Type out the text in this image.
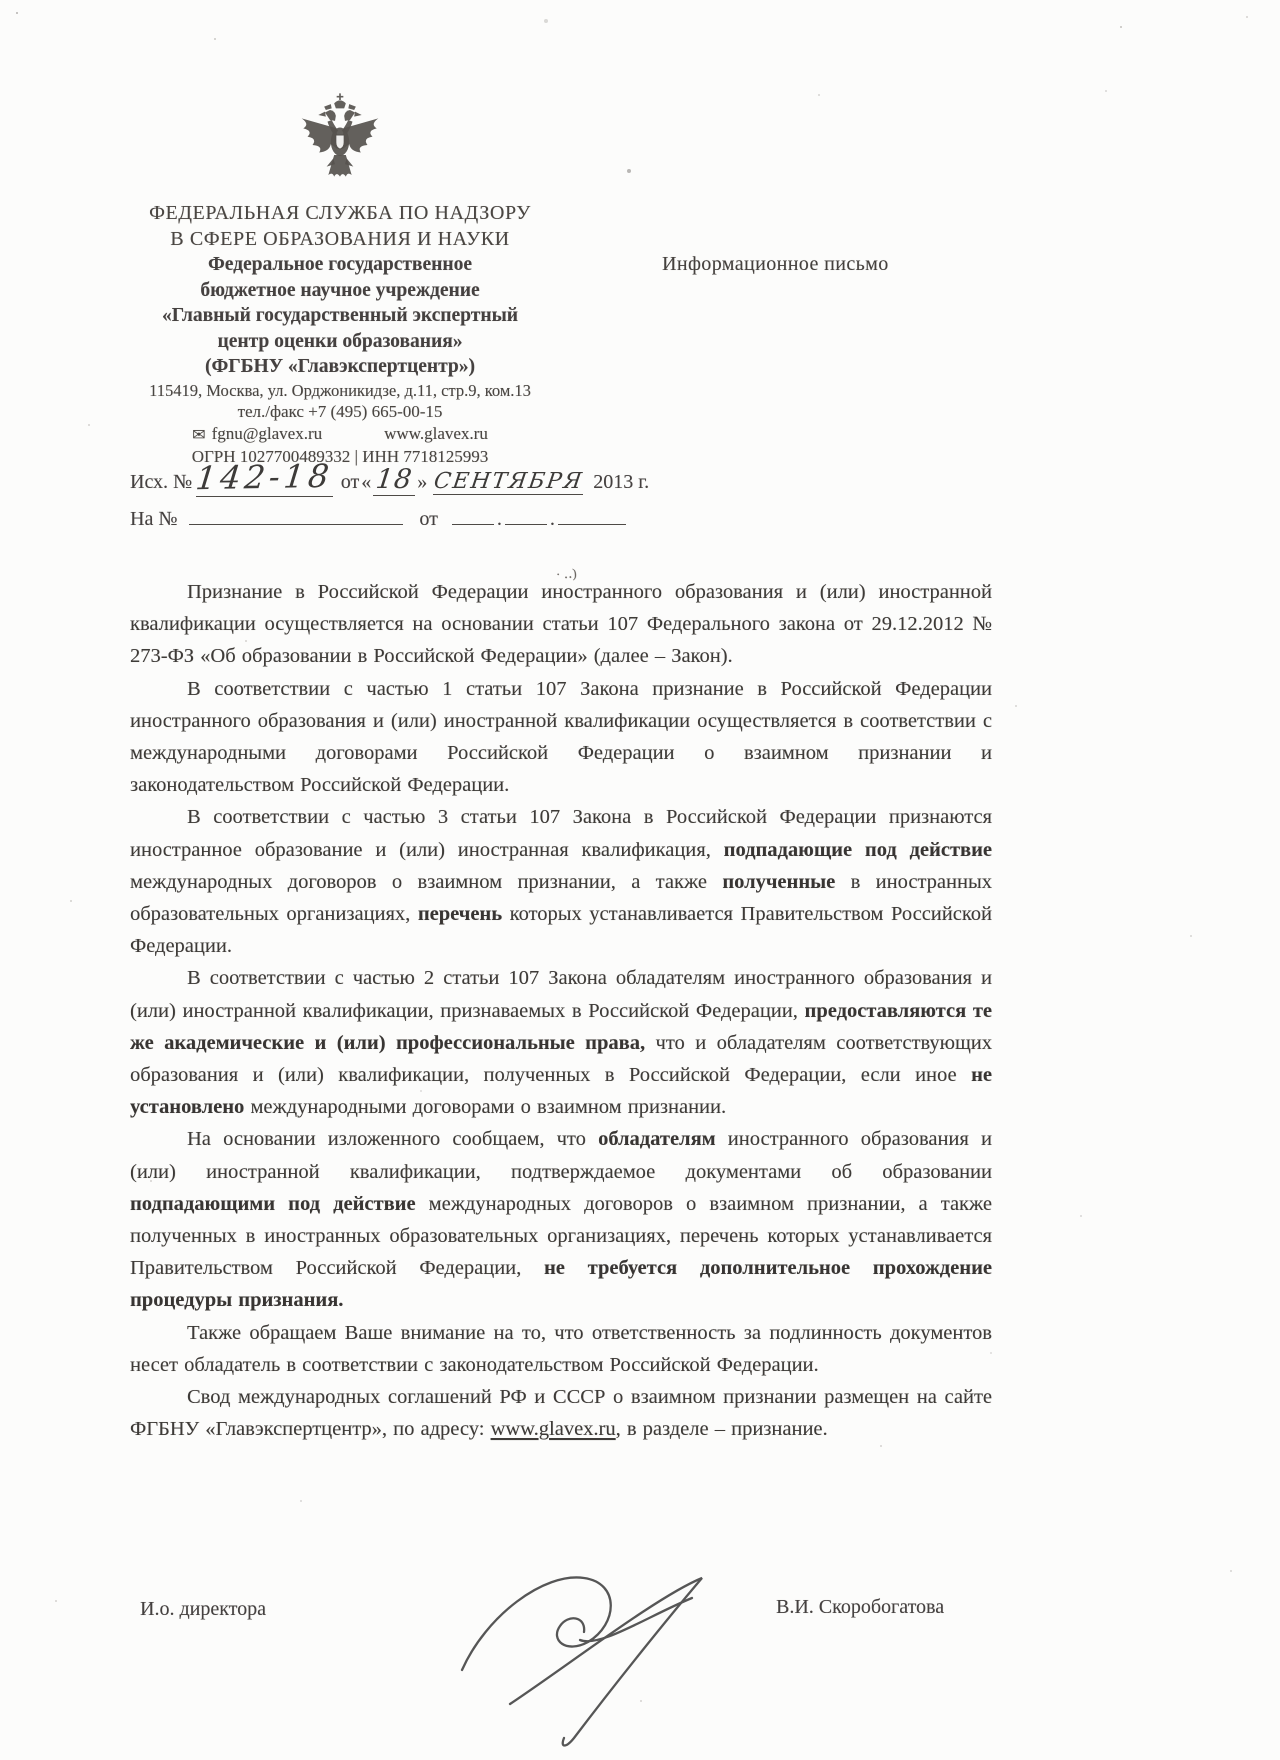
ФЕДЕРАЛЬНАЯ СЛУЖБА ПО НАДЗОРУ
В СФЕРЕ ОБРАЗОВАНИЯ И НАУКИ
Федеральное государственное
бюджетное научное учреждение
«Главный государственный экспертный
центр оценки образования»
(ФГБНУ «Главэкспертцентр»)
115419, Москва, ул. Орджоникидзе, д.11, стр.9, ком.13
тел./факс +7 (495) 665-00-15
✉ fgnu@glavex.ru	www.glavex.ru
ОГРН 1027700489332 | ИНН 7718125993
Информационное письмо
Исх. № 142-18 от « 18 » СЕНТЯБРЯ 2013 г.
На №	от	. .
· ‥)

Признание в Российской Федерации иностранного образования и (или) иностранной квалификации осуществляется на основании статьи 107 Федерального закона от 29.12.2012 № 273-ФЗ «Об образовании в Российской Федерации» (далее – Закон).

В соответствии с частью 1 статьи 107 Закона признание в Российской Федерации иностранного образования и (или) иностранной квалификации осуществляется в соответствии с международными договорами Российской Федерации о взаимном признании и законодательством Российской Федерации.

В соответствии с частью 3 статьи 107 Закона в Российской Федерации признаются иностранное образование и (или) иностранная квалификация, подпадающие под действие международных договоров о взаимном признании, а также полученные в иностранных образовательных организациях, перечень которых устанавливается Правительством Российской Федерации.

В соответствии с частью 2 статьи 107 Закона обладателям иностранного образования и (или) иностранной квалификации, признаваемых в Российской Федерации, предоставляются те же академические и (или) профессиональные права, что и обладателям соответствующих образования и (или) квалификации, полученных в Российской Федерации, если иное не установлено международными договорами о взаимном признании.

На основании изложенного сообщаем, что обладателям иностранного образования и (или) иностранной квалификации, подтверждаемое документами об образовании подпадающими под действие международных договоров о взаимном признании, а также полученных в иностранных образовательных организациях, перечень которых устанавливается Правительством Российской Федерации, не требуется дополнительное прохождение процедуры признания.

Также обращаем Ваше внимание на то, что ответственность за подлинность документов несет обладатель в соответствии с законодательством Российской Федерации.

Свод международных соглашений РФ и СССР о взаимном признании размещен на сайте ФГБНУ «Главэкспертцентр», по адресу: www.glavex.ru, в разделе – признание.

И.о. директора	В.И. Скоробогатова
